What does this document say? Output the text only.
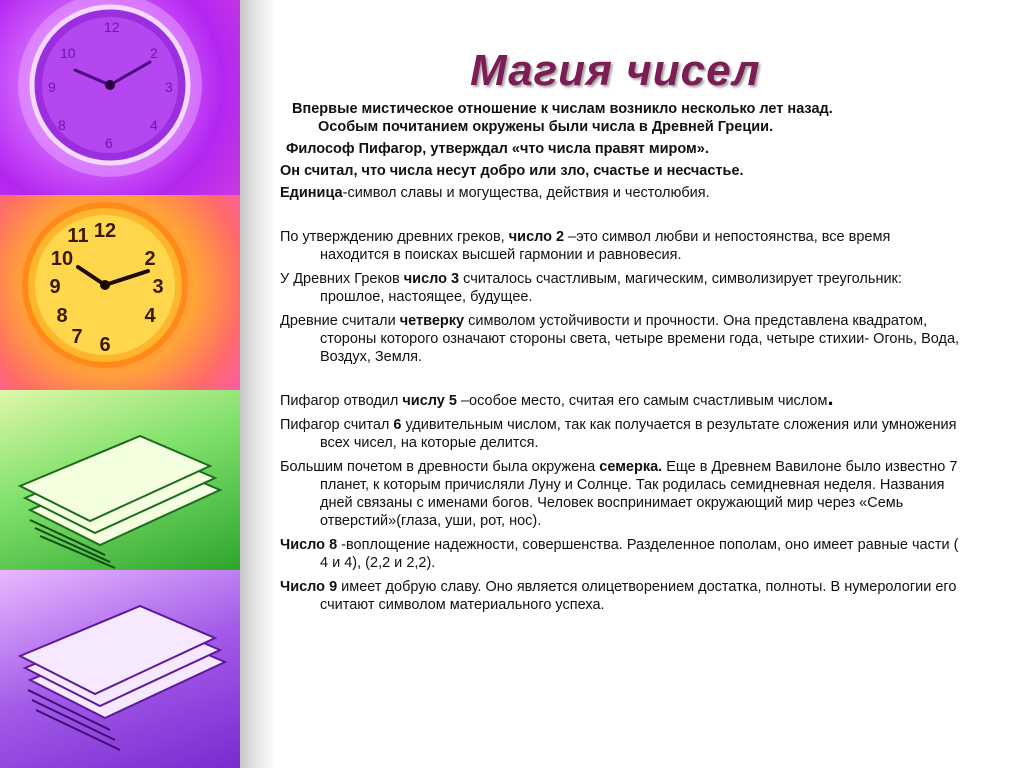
12
2
3
4
6
8
9
10
12
2
3
4
6
7
8
9
10
11
Магия чисел

Впервые мистическое отношение к числам возникло несколько лет назад.

Особым почитанием окружены были числа в Древней Греции.

Философ Пифагор, утверждал «что числа правят миром».

Он считал, что числа несут добро или зло, счастье и несчастье.

Единица-символ славы и могущества, действия и честолюбия.

По утверждению древних греков, число 2 –это символ любви и непостоянства, все время находится в поисках высшей гармонии и равновесия.

У Древних Греков число 3 считалось счастливым, магическим, символизирует треугольник: прошлое, настоящее, будущее.

Древние считали четверку символом устойчивости и прочности. Она представлена квадратом, стороны которого означают стороны света, четыре времени года, четыре стихии- Огонь, Вода, Воздух, Земля.

Пифагор отводил числу 5 –особое место, считая его самым счастливым числом.

Пифагор считал 6 удивительным числом, так как получается в результате сложения или умножения всех чисел, на которые делится.

Большим почетом в древности была окружена семерка. Еще в Древнем Вавилоне было известно 7 планет, к которым причисляли Луну и Солнце. Так родилась семидневная неделя. Названия дней связаны с именами богов. Человек воспринимает окружающий мир через «Семь отверстий»(глаза, уши, рот, нос).

Число 8 -воплощение надежности, совершенства. Разделенное пополам, оно имеет равные части ( 4 и 4), (2,2 и 2,2).

Число 9 имеет добрую славу. Оно является олицетворением достатка, полноты. В нумерологии его считают символом материального успеха.
